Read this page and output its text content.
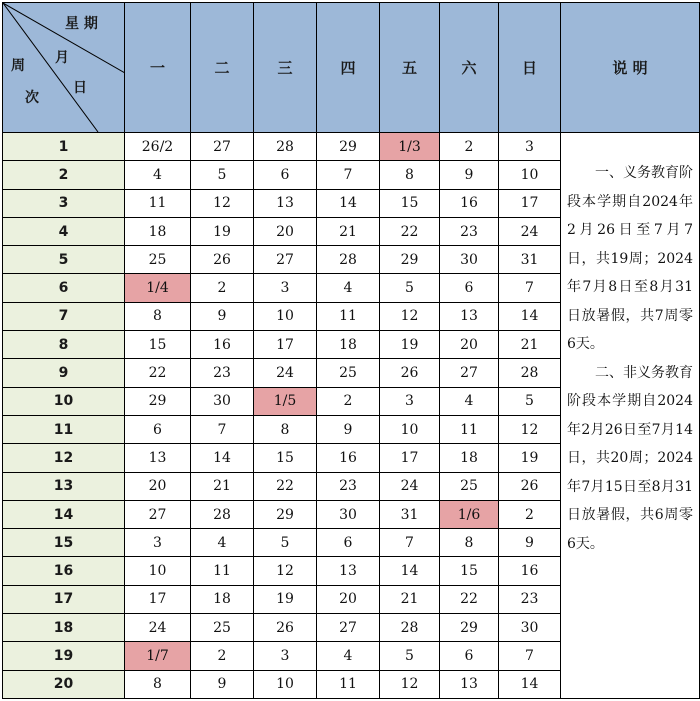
星 期
月
日
周
次	一	二	三	四	五	六	日	说 明
1	26/2	27	28	29	1/3	2	3	一、义务教育阶段本学期自2024年2月26日至7月7日，共19周；2024年7月8日至8月31日放暑假，共7周零6天。

二、非义务教育阶段本学期自2024年2月26日至7月14日，共20周；2024年7月15日至8月31日放暑假，共6周零6天。

2	4	5	6	7	8	9	10	
3	11	12	13	14	15	16	17	
4	18	19	20	21	22	23	24	
5	25	26	27	28	29	30	31	
6	1/4	2	3	4	5	6	7	
7	8	9	10	11	12	13	14	
8	15	16	17	18	19	20	21	
9	22	23	24	25	26	27	28	
10	29	30	1/5	2	3	4	5	
11	6	7	8	9	10	11	12	
12	13	14	15	16	17	18	19	
13	20	21	22	23	24	25	26	
14	27	28	29	30	31	1/6	2	
15	3	4	5	6	7	8	9	
16	10	11	12	13	14	15	16	
17	17	18	19	20	21	22	23	
18	24	25	26	27	28	29	30	
19	1/7	2	3	4	5	6	7	
20	8	9	10	11	12	13	14	
